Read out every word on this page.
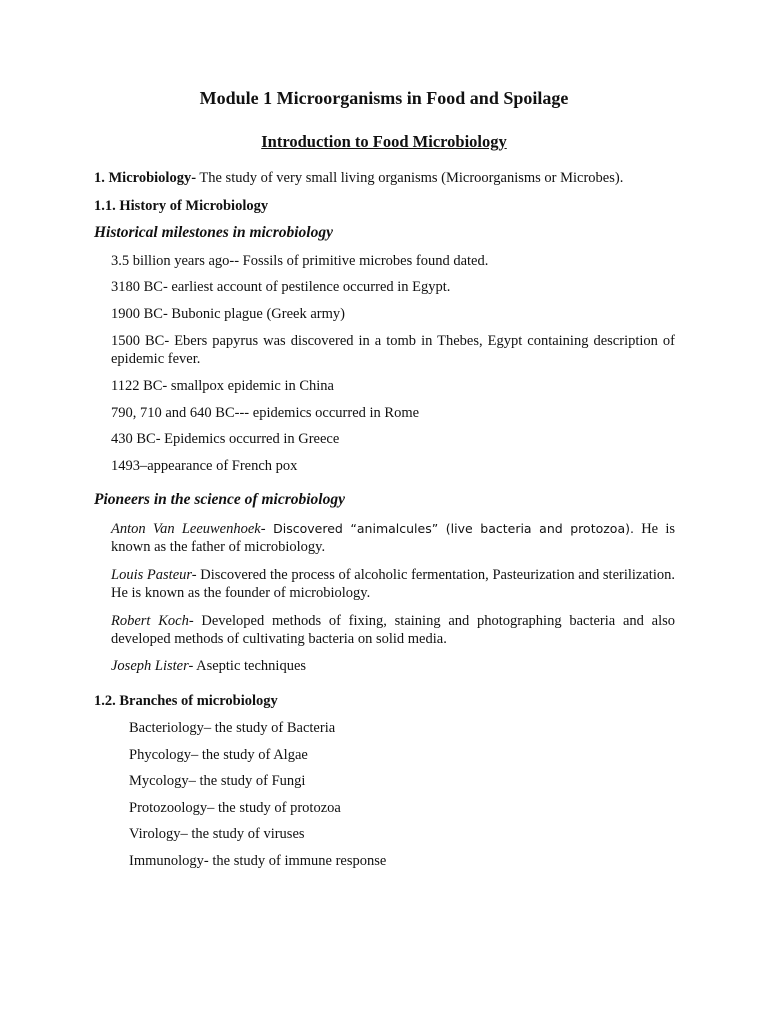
Module 1 Microorganisms in Food and Spoilage
Introduction to Food Microbiology
1. Microbiology- The study of very small living organisms (Microorganisms or Microbes).
1.1. History of Microbiology
Historical milestones in microbiology
3.5 billion years ago-- Fossils of primitive microbes found dated.
3180 BC- earliest account of pestilence occurred in Egypt.
1900 BC- Bubonic plague (Greek army)
1500 BC- Ebers papyrus was discovered in a tomb in Thebes, Egypt containing description of epidemic fever.
1122 BC- smallpox epidemic in China
790, 710 and 640 BC--- epidemics occurred in Rome
430 BC- Epidemics occurred in Greece
1493–appearance of French pox
Pioneers in the science of microbiology
Anton Van Leeuwenhoek- Discovered “animalcules” (live bacteria and protozoa). He is known as the father of microbiology.
Louis Pasteur- Discovered the process of alcoholic fermentation, Pasteurization and sterilization. He is known as the founder of microbiology.
Robert Koch- Developed methods of fixing, staining and photographing bacteria and also developed methods of cultivating bacteria on solid media.
Joseph Lister- Aseptic techniques
1.2. Branches of microbiology
Bacteriology– the study of Bacteria
Phycology– the study of Algae
Mycology– the study of Fungi
Protozoology– the study of protozoa
Virology– the study of viruses
Immunology- the study of immune response
